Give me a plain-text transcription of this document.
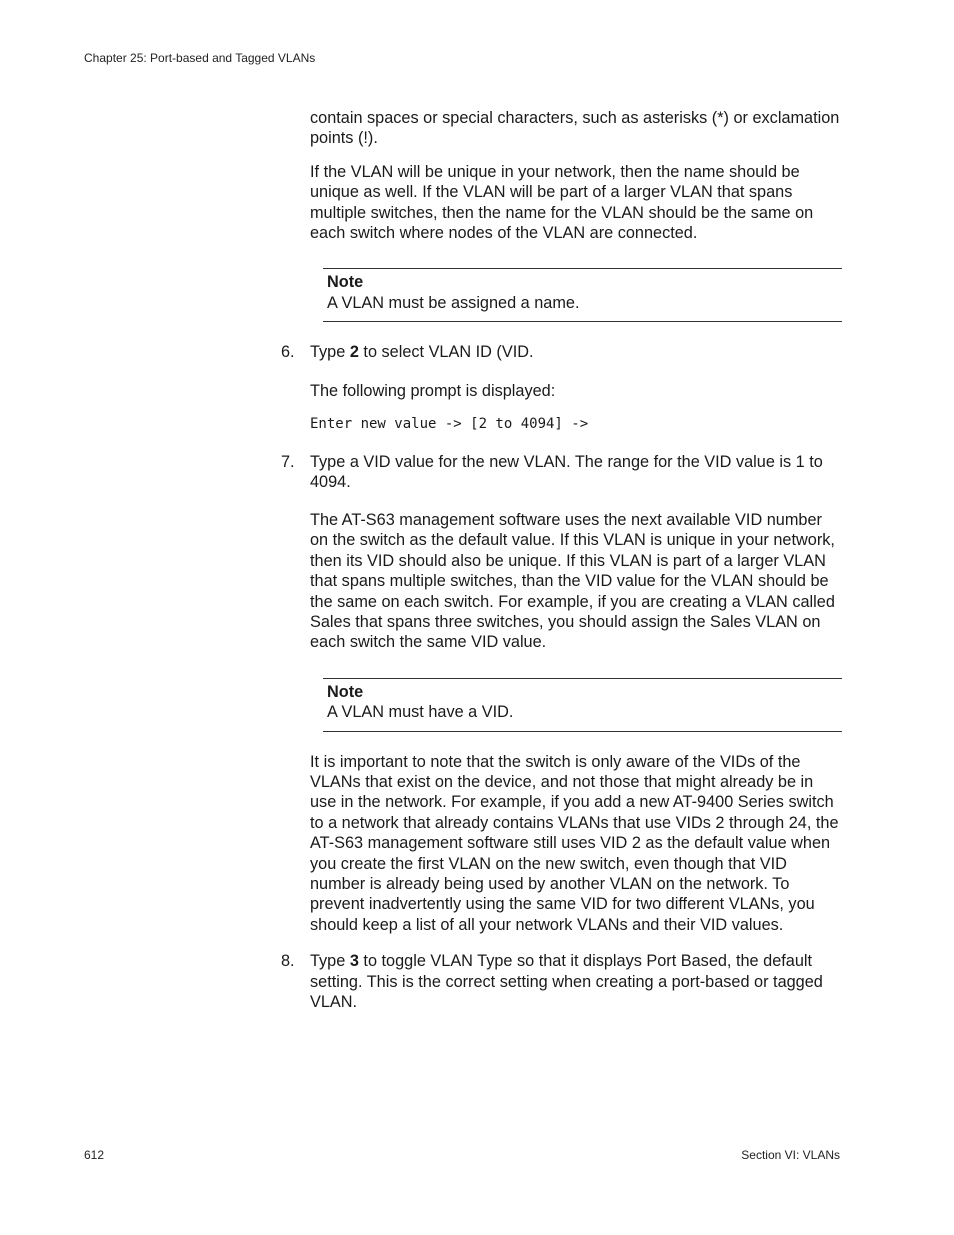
Chapter 25: Port-based and Tagged VLANs

contain spaces or special characters, such as asterisks (*) or exclamation points (!).

If the VLAN will be unique in your network, then the name should be unique as well. If the VLAN will be part of a larger VLAN that spans multiple switches, then the name for the VLAN should be the same on each switch where nodes of the VLAN are connected.

Note
A VLAN must be assigned a name.
6. Type 2 to select VLAN ID (VID.

The following prompt is displayed:

Enter new value -> [2 to 4094] ->
7. Type a VID value for the new VLAN. The range for the VID value is 1 to 4094.

The AT-S63 management software uses the next available VID number on the switch as the default value. If this VLAN is unique in your network, then its VID should also be unique. If this VLAN is part of a larger VLAN that spans multiple switches, than the VID value for the VLAN should be the same on each switch. For example, if you are creating a VLAN called Sales that spans three switches, you should assign the Sales VLAN on each switch the same VID value.

Note
A VLAN must have a VID.

It is important to note that the switch is only aware of the VIDs of the VLANs that exist on the device, and not those that might already be in use in the network. For example, if you add a new AT-9400 Series switch to a network that already contains VLANs that use VIDs 2 through 24, the AT-S63 management software still uses VID 2 as the default value when you create the first VLAN on the new switch, even though that VID number is already being used by another VLAN on the network. To prevent inadvertently using the same VID for two different VLANs, you should keep a list of all your network VLANs and their VID values.

8. Type 3 to toggle VLAN Type so that it displays Port Based, the default setting. This is the correct setting when creating a port-based or tagged VLAN.
612	Section VI: VLANs
